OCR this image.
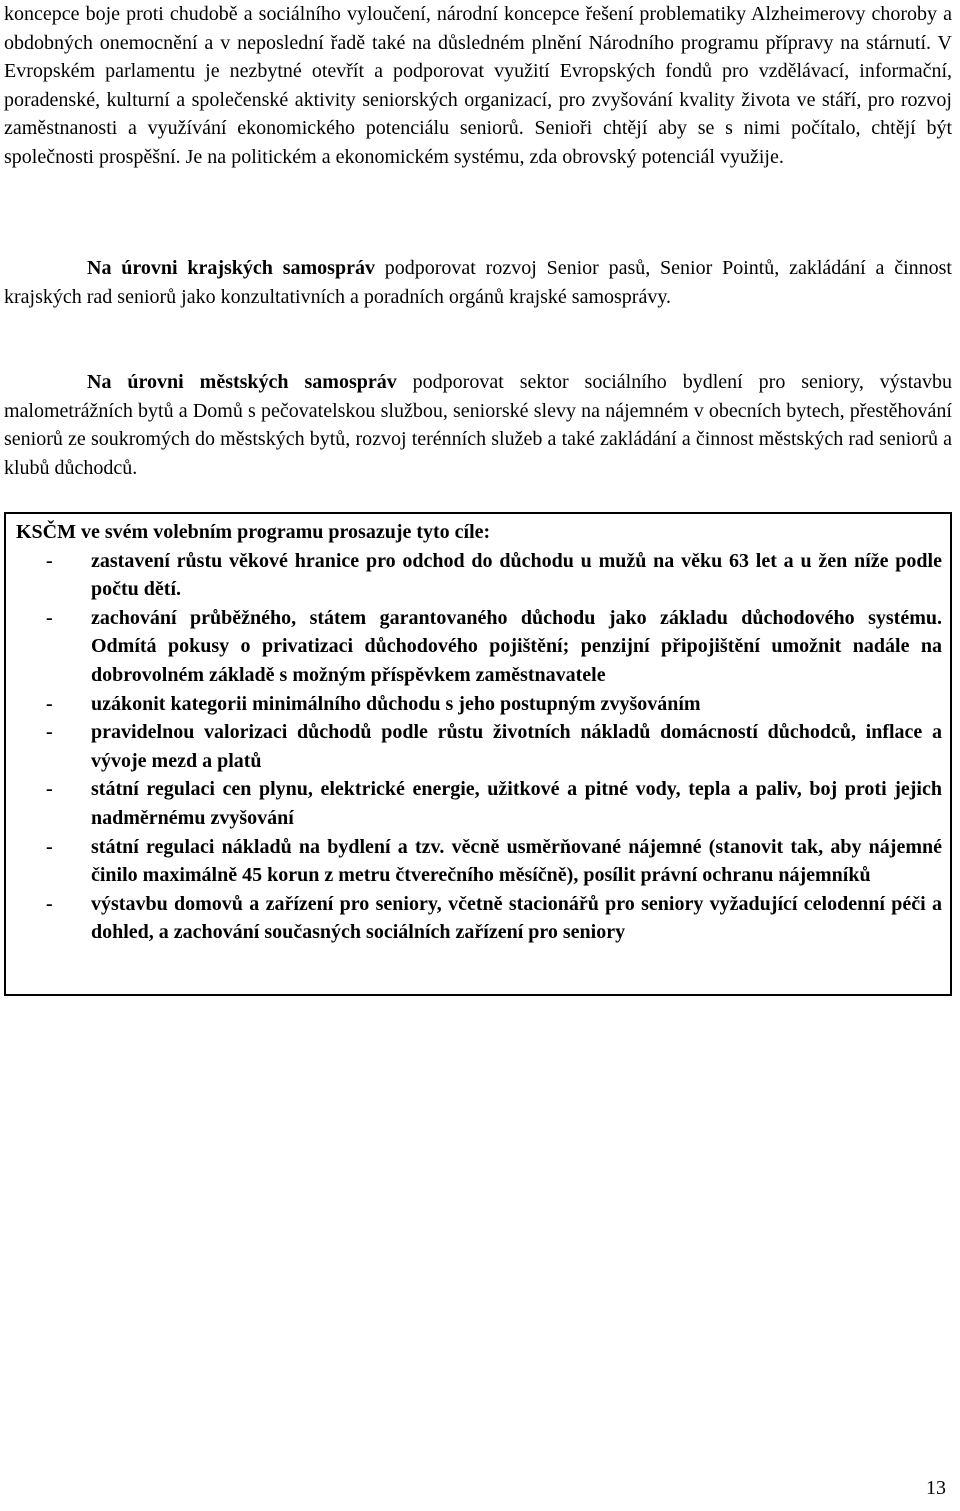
koncepce boje proti chudobě a sociálního vyloučení, národní koncepce řešení problematiky Alzheimerovy choroby a obdobných onemocnění a v neposlední řadě také na důsledném plnění Národního programu přípravy na stárnutí. V Evropském parlamentu je nezbytné otevřít a podporovat využití Evropských fondů pro vzdělávací, informační, poradenské, kulturní a společenské aktivity seniorských organizací, pro zvyšování kvality života ve stáří, pro rozvoj zaměstnanosti a využívání ekonomického potenciálu seniorů. Senioři chtějí aby se s nimi počítalo, chtějí být společnosti prospěšní. Je na politickém a ekonomickém systému, zda obrovský potenciál využije.

Na úrovni krajských samospráv podporovat rozvoj Senior pasů, Senior Pointů, zakládání a činnost krajských rad seniorů jako konzultativních a poradních orgánů krajské samosprávy.

Na úrovni městských samospráv podporovat sektor sociálního bydlení pro seniory, výstavbu malometrážních bytů a Domů s pečovatelskou službou, seniorské slevy na nájemném v obecních bytech, přestěhování seniorů ze soukromých do městských bytů, rozvoj terénních služeb a také zakládání a činnost městských rad seniorů a klubů důchodců.

KSČM ve svém volebním programu prosazuje tyto cíle:

- zastavení růstu věkové hranice pro odchod do důchodu u mužů na věku 63 let a u žen níže podle počtu dětí.
- zachování průběžného, státem garantovaného důchodu jako základu důchodového systému. Odmítá pokusy o privatizaci důchodového pojištění; penzijní připojištění umožnit nadále na dobrovolném základě s možným příspěvkem zaměstnavatele
- uzákonit kategorii minimálního důchodu s jeho postupným zvyšováním
- pravidelnou valorizaci důchodů podle růstu životních nákladů domácností důchodců, inflace a vývoje mezd a platů
- státní regulaci cen plynu, elektrické energie, užitkové a pitné vody, tepla a paliv, boj proti jejich nadměrnému zvyšování
- státní regulaci nákladů na bydlení a tzv. věcně usměrňované nájemné (stanovit tak, aby nájemné činilo maximálně 45 korun z metru čtverečního měsíčně), posílit právní ochranu nájemníků
- výstavbu domovů a zařízení pro seniory, včetně stacionářů pro seniory vyžadující celodenní péči a dohled, a zachování současných sociálních zařízení pro seniory
13
